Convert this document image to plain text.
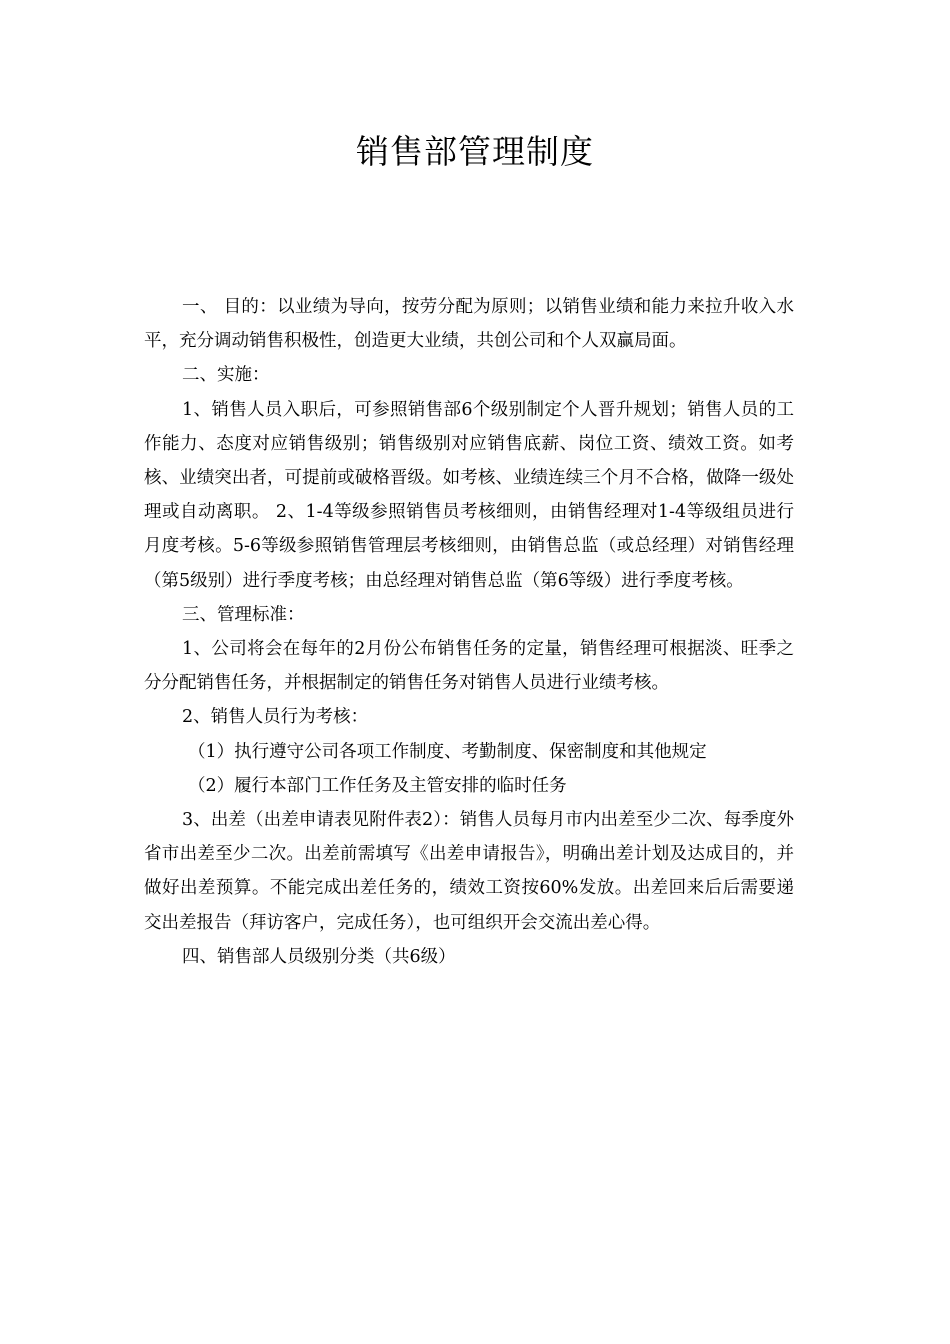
销售部管理制度

一、 目的：以业绩为导向，按劳分配为原则；以销售业绩和能力来拉升收入水平，充分调动销售积极性，创造更大业绩，共创公司和个人双赢局面。

二、实施：

1、销售人员入职后，可参照销售部6个级别制定个人晋升规划；销售人员的工作能力、态度对应销售级别；销售级别对应销售底薪、岗位工资、绩效工资。如考核、业绩突出者，可提前或破格晋级。如考核、业绩连续三个月不合格，做降一级处理或自动离职。 2、1-4等级参照销售员考核细则，由销售经理对1-4等级组员进行月度考核。5-6等级参照销售管理层考核细则，由销售总监（或总经理）对销售经理（第5级别）进行季度考核；由总经理对销售总监（第6等级）进行季度考核。

三、管理标准：

1、公司将会在每年的2月份公布销售任务的定量，销售经理可根据淡、旺季之分分配销售任务，并根据制定的销售任务对销售人员进行业绩考核。

2、销售人员行为考核：

（1）执行遵守公司各项工作制度、考勤制度、保密制度和其他规定

（2）履行本部门工作任务及主管安排的临时任务

3、出差（出差申请表见附件表2）：销售人员每月市内出差至少二次、每季度外省市出差至少二次。出差前需填写《出差申请报告》，明确出差计划及达成目的，并做好出差预算。不能完成出差任务的，绩效工资按60%发放。出差回来后后需要递交出差报告（拜访客户，完成任务），也可组织开会交流出差心得。

四、销售部人员级别分类（共6级）
